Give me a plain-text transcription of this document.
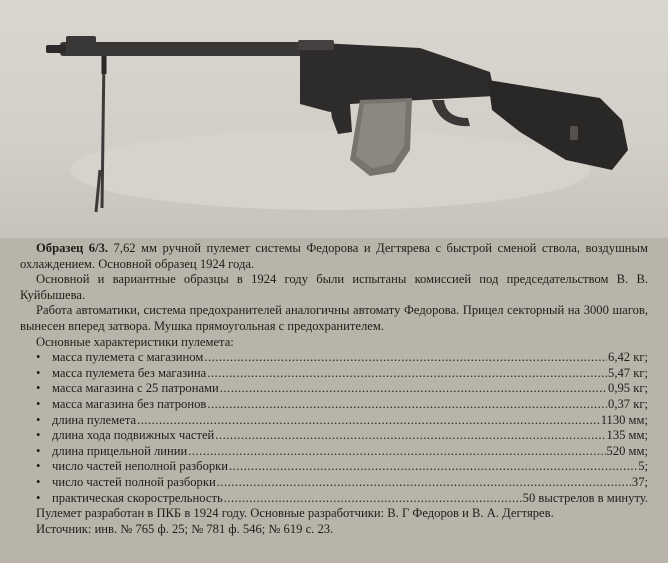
Образец 6/3. 7,62 мм ручной пулемет системы Федорова и Дегтярева с быстрой сменой ствола, воздушным охлаждением. Основной образец 1924 года.

Основной и вариантные образцы в 1924 году были испытаны комиссией под председательством В. В. Куйбышева.

Работа автоматики, система предохранителей аналогичны автомату Федорова. Прицел секторный на 3000 шагов, вынесен вперед затвора. Мушка прямоугольная с предохранителем.

Основные характеристики пулемета:

• масса пулемета с магазином .....	6,42 кг;
• масса пулемета без магазина .....	5,47 кг;
• масса магазина с 25 патронами .....	0,95 кг;
• масса магазина без патронов .....	0,37 кг;
• длина пулемета .....	1130 мм;
• длина хода подвижных частей .....	135 мм;
• длина прицельной линии .....	520 мм;
• число частей неполной разборки .....	5;
• число частей полной разборки .....	37;
• практическая скорострельность .....	50 выстрелов в минуту.

Пулемет разработан в ПКБ в 1924 году. Основные разработчики: В. Г Федоров и В. А. Дегтярев.

Источник: инв. № 765 ф. 25; № 781 ф. 546; № 619 с. 23.
